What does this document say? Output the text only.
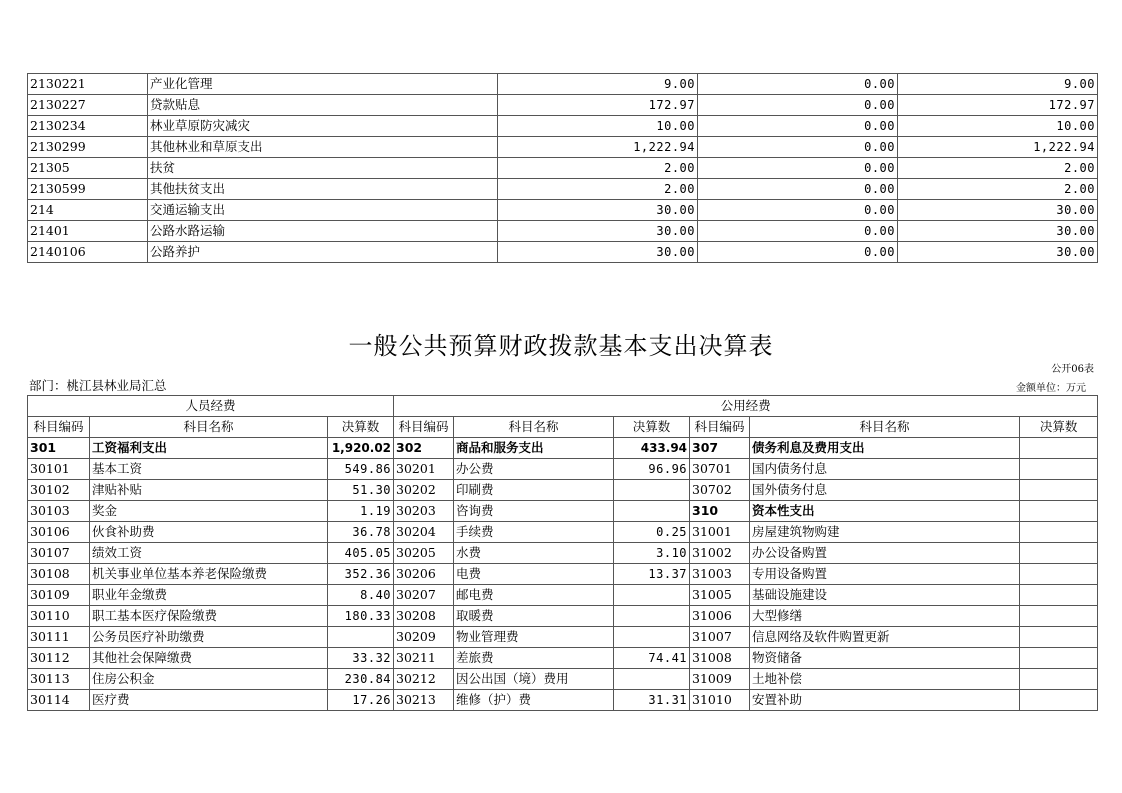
2130221	产业化管理	9.00	0.00	9.00
2130227	贷款贴息	172.97	0.00	172.97
2130234	林业草原防灾减灾	10.00	0.00	10.00
2130299	其他林业和草原支出	1,222.94	0.00	1,222.94
21305	扶贫	2.00	0.00	2.00
2130599	其他扶贫支出	2.00	0.00	2.00
214	交通运输支出	30.00	0.00	30.00
21401	公路水路运输	30.00	0.00	30.00
2140106	公路养护	30.00	0.00	30.00
一般公共预算财政拨款基本支出决算表
公开06表
部门：桃江县林业局汇总	金额单位：万元
人员经费			公用经费					
科目编码	科目名称	决算数	科目编码	科目名称	决算数	科目编码	科目名称	决算数
301	工资福利支出	1,920.02	302	商品和服务支出	433.94	307	债务利息及费用支出	
30101	基本工资	549.86	30201	办公费	96.96	30701	国内债务付息	
30102	津贴补贴	51.30	30202	印刷费		30702	国外债务付息	
30103	奖金	1.19	30203	咨询费		310	资本性支出	
30106	伙食补助费	36.78	30204	手续费	0.25	31001	房屋建筑物购建	
30107	绩效工资	405.05	30205	水费	3.10	31002	办公设备购置	
30108	机关事业单位基本养老保险缴费	352.36	30206	电费	13.37	31003	专用设备购置	
30109	职业年金缴费	8.40	30207	邮电费		31005	基础设施建设	
30110	职工基本医疗保险缴费	180.33	30208	取暖费		31006	大型修缮	
30111	公务员医疗补助缴费		30209	物业管理费		31007	信息网络及软件购置更新	
30112	其他社会保障缴费	33.32	30211	差旅费	74.41	31008	物资储备	
30113	住房公积金	230.84	30212	因公出国（境）费用		31009	土地补偿	
30114	医疗费	17.26	30213	维修（护）费	31.31	31010	安置补助	
